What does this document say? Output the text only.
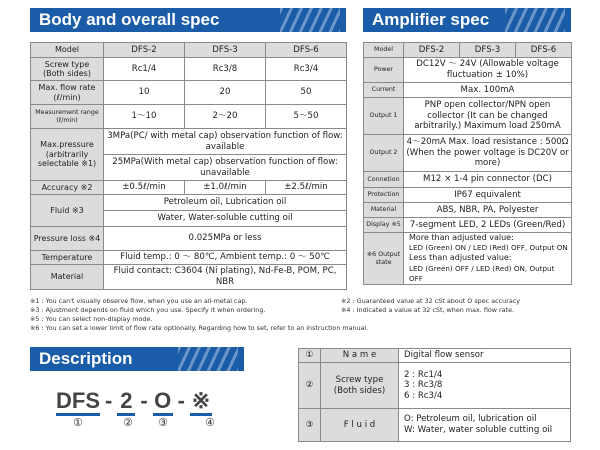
Body and overall spec
Model	DFS-2	DFS-3	DFS-6
Screw type (Both sides)	Rc1/4	Rc3/8	Rc3/4
Max. flow rate (ℓ/min)	10	20	50
Measurement range (ℓ/min)	1～10	2～20	5～50
Max.pressure (arbitrarily selectable ※1)	3MPa(PC/ with metal cap) observation function of flow: available		
	25MPa(With metal cap) observation function of flow: unavailable		
Accuracy ※2	±0.5ℓ/min	±1.0ℓ/min	±2.5ℓ/min
Fluid ※3	Petroleum oil, Lubrication oil		
	Water, Water-soluble cutting oil		
Pressure loss ※4	0.025MPa or less		
Temperature	Fluid temp.: 0 ～ 80℃, Ambient temp.: 0 ～ 50℃		
Material	Fluid contact: C3604 (Ni plating), Nd-Fe-B, POM, PC, NBR		
Amplifier spec
Model	DFS-2	DFS-3	DFS-6
Power	DC12V ～ 24V (Allowable voltage fluctuation ± 10%)		
Current	Max. 100mA		
Output 1	PNP open collector/NPN open collector (It can be changed arbitrarily.) Maximum load 250mA		
Output 2	4～20mA Max. load resistance : 500Ω (When the power voltage is DC20V or more)		
Connetion	M12 × 1-4 pin connector (DC)		
Protection	IP67 equivalent		
Material	ABS, NBR, PA, Polyester		
Display ※5	7-segment LED, 2 LEDs (Green/Red)		
※6 Output state	More than adjusted value:
LED (Green) ON / LED (Red) OFF, Output ON
Less than adjusted value:
LED (Green) OFF / LED (Red) ON, Output OFF		
※1 : You can't visually observe flow, when you use an all-metal cap.	※2 : Guaranteed value at 32 cSt about O spec accuracy
※3 : Ajustment depends on fluid which you use. Specify it when ordering.	※4 : Indicated a value at 32 cSt, when max. flow rate.
※5 : You can select non-display mode.
※6 : You can set a lower limit of flow rate optionally. Regarding how to set, refer to an instruction manual.
Description
DFS - 2 - O - ※
①	② ③	④
①	N a m e	Digital flow sensor
②	Screw type (Both sides)	2 : Rc1/4
3 : Rc3/8
6 : Rc3/4

③	F l u i d	O: Petroleum oil, lubrication oil
W: Water, water soluble cutting oil
